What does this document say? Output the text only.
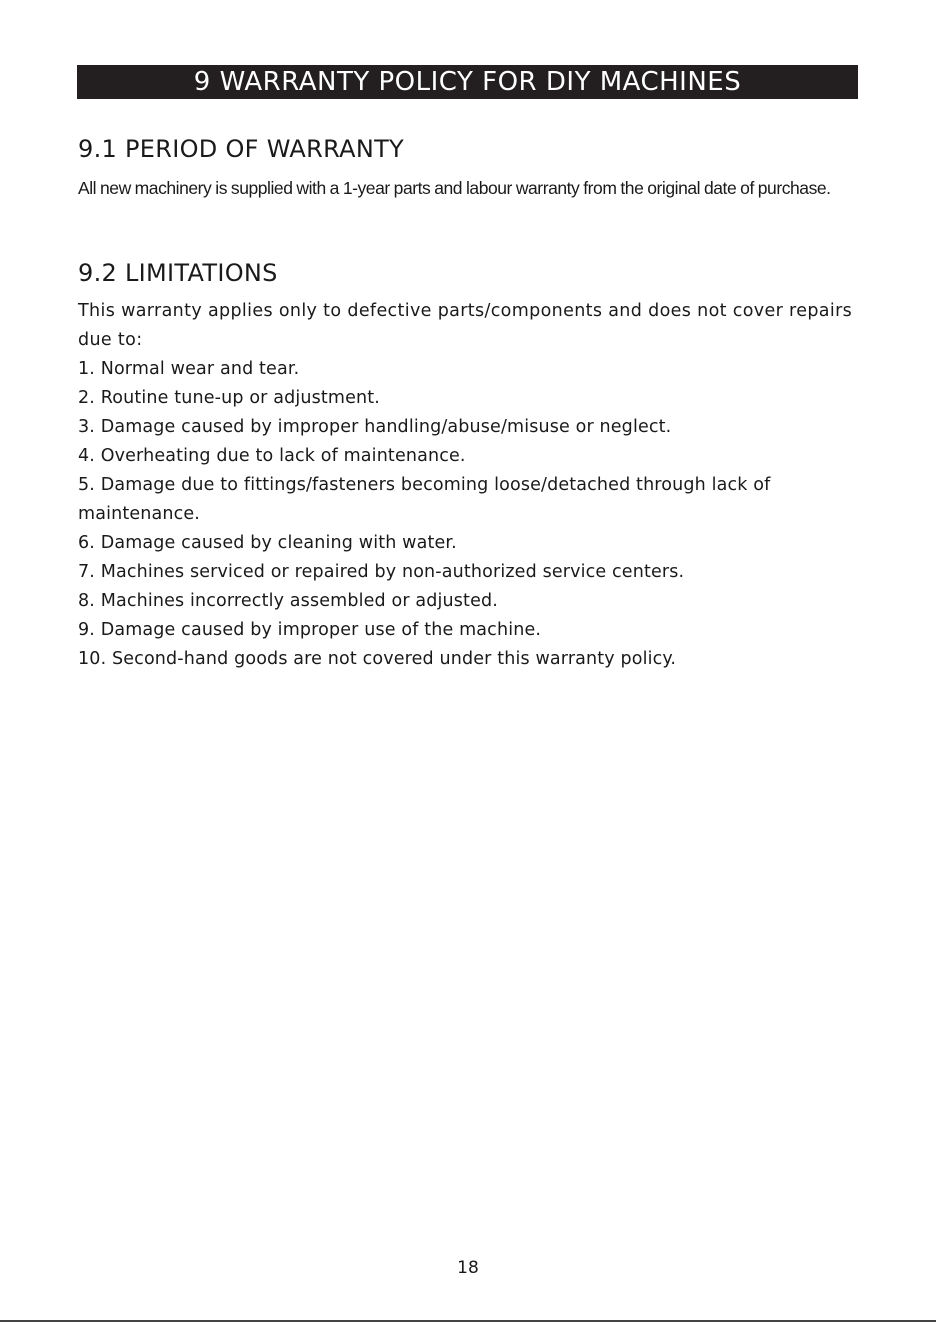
9 WARRANTY POLICY FOR DIY MACHINES
9.1 PERIOD OF WARRANTY

All new machinery is supplied with a 1-year parts and labour warranty from the original date of purchase.

9.2 LIMITATIONS

This warranty applies only to defective parts/components and does not cover repairs due to:

1. Normal wear and tear.
2. Routine tune-up or adjustment.
3. Damage caused by improper handling/abuse/misuse or neglect.
4. Overheating due to lack of maintenance.
5. Damage due to fittings/fasteners becoming loose/detached through lack of maintenance.
6. Damage caused by cleaning with water.
7. Machines serviced or repaired by non-authorized service centers.
8. Machines incorrectly assembled or adjusted.
9. Damage caused by improper use of the machine.
10. Second-hand goods are not covered under this warranty policy.
18
